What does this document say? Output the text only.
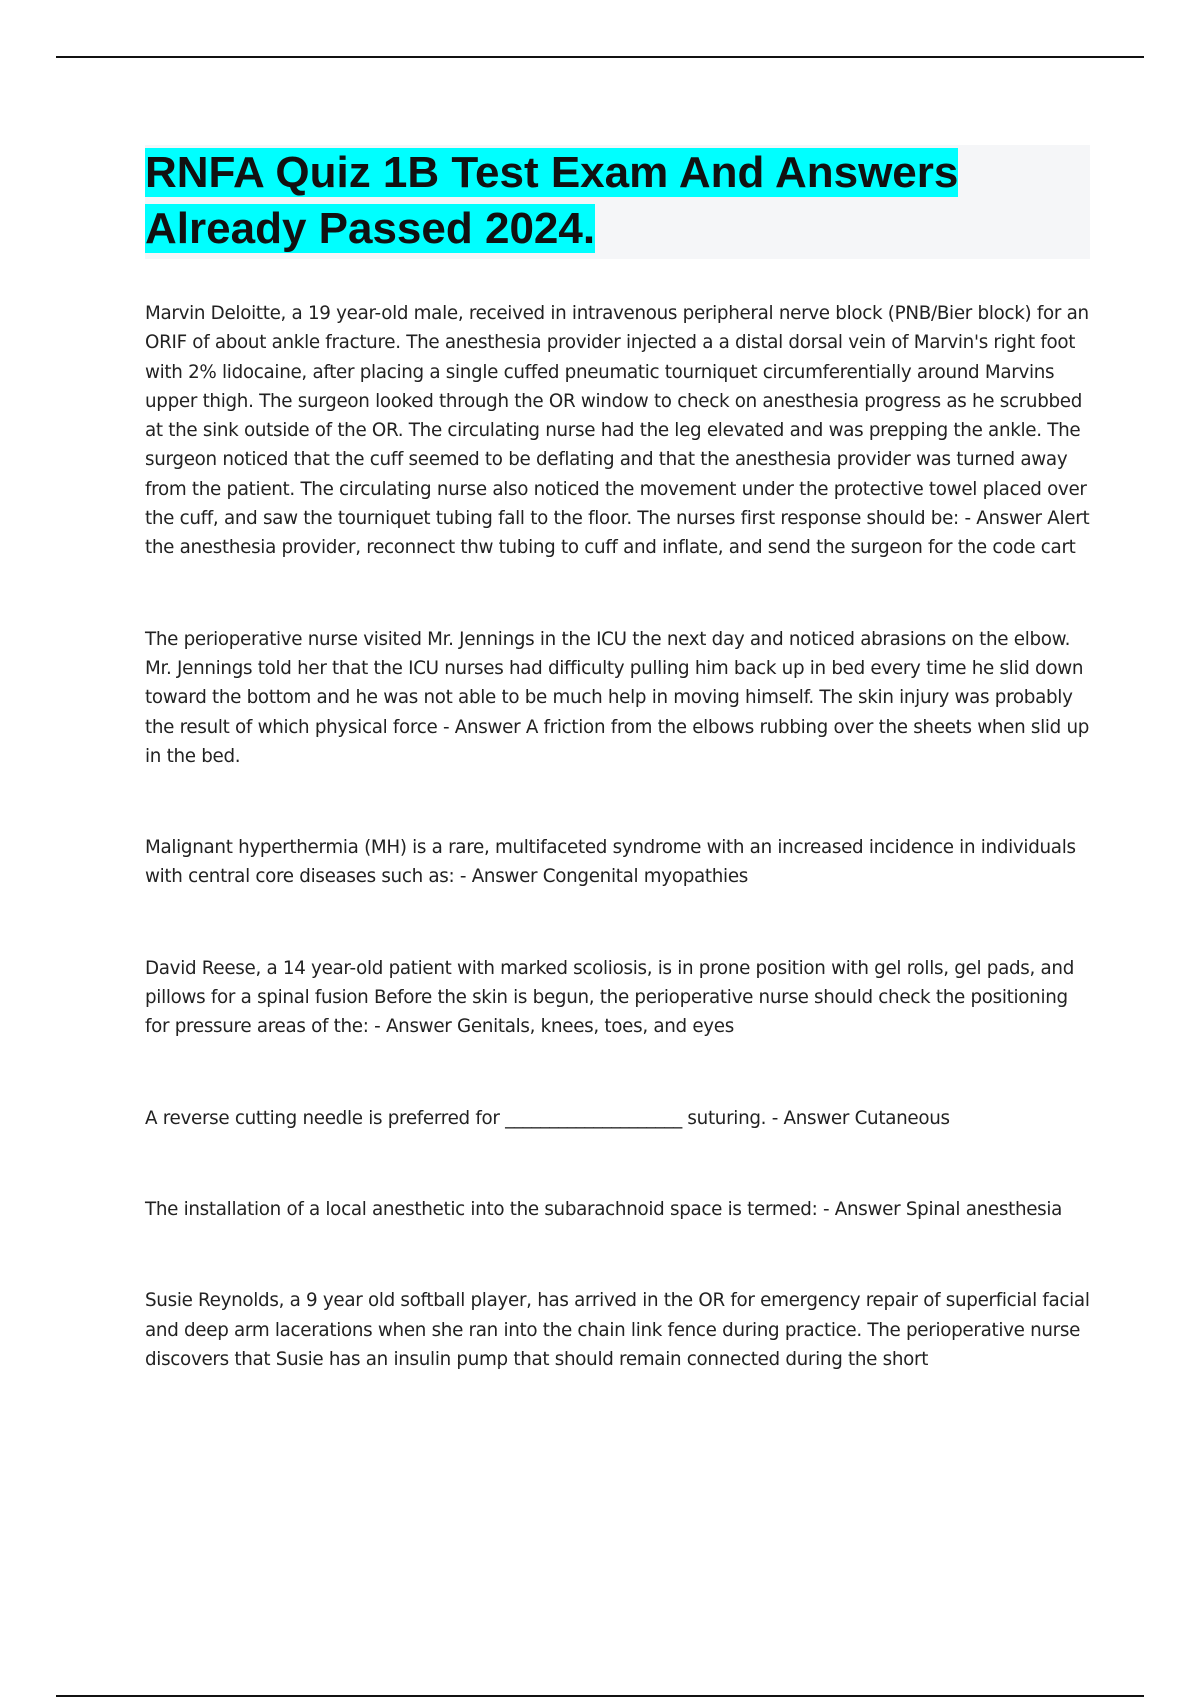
RNFA Quiz 1B Test Exam And Answers Already Passed 2024.

Marvin Deloitte, a 19 year-old male, received in intravenous peripheral nerve block (PNB/Bier block) for an ORIF of about ankle fracture. The anesthesia provider injected a a distal dorsal vein of Marvin's right foot with 2% lidocaine, after placing a single cuffed pneumatic tourniquet circumferentially around Marvins upper thigh. The surgeon looked through the OR window to check on anesthesia progress as he scrubbed at the sink outside of the OR. The circulating nurse had the leg elevated and was prepping the ankle. The surgeon noticed that the cuff seemed to be deflating and that the anesthesia provider was turned away from the patient. The circulating nurse also noticed the movement under the protective towel placed over the cuff, and saw the tourniquet tubing fall to the floor. The nurses first response should be: - Answer Alert the anesthesia provider, reconnect thw tubing to cuff and inflate, and send the surgeon for the code cart

The perioperative nurse visited Mr. Jennings in the ICU the next day and noticed abrasions on the elbow. Mr. Jennings told her that the ICU nurses had difficulty pulling him back up in bed every time he slid down toward the bottom and he was not able to be much help in moving himself. The skin injury was probably the result of which physical force - Answer A friction from the elbows rubbing over the sheets when slid up in the bed.

Malignant hyperthermia (MH) is a rare, multifaceted syndrome with an increased incidence in individuals with central core diseases such as: - Answer Congenital myopathies

David Reese, a 14 year-old patient with marked scoliosis, is in prone position with gel rolls, gel pads, and pillows for a spinal fusion Before the skin is begun, the perioperative nurse should check the positioning for pressure areas of the: - Answer Genitals, knees, toes, and eyes

A reverse cutting needle is preferred for ____________________ suturing. - Answer Cutaneous

The installation of a local anesthetic into the subarachnoid space is termed: - Answer Spinal anesthesia

Susie Reynolds, a 9 year old softball player, has arrived in the OR for emergency repair of superficial facial and deep arm lacerations when she ran into the chain link fence during practice. The perioperative nurse discovers that Susie has an insulin pump that should remain connected during the short
